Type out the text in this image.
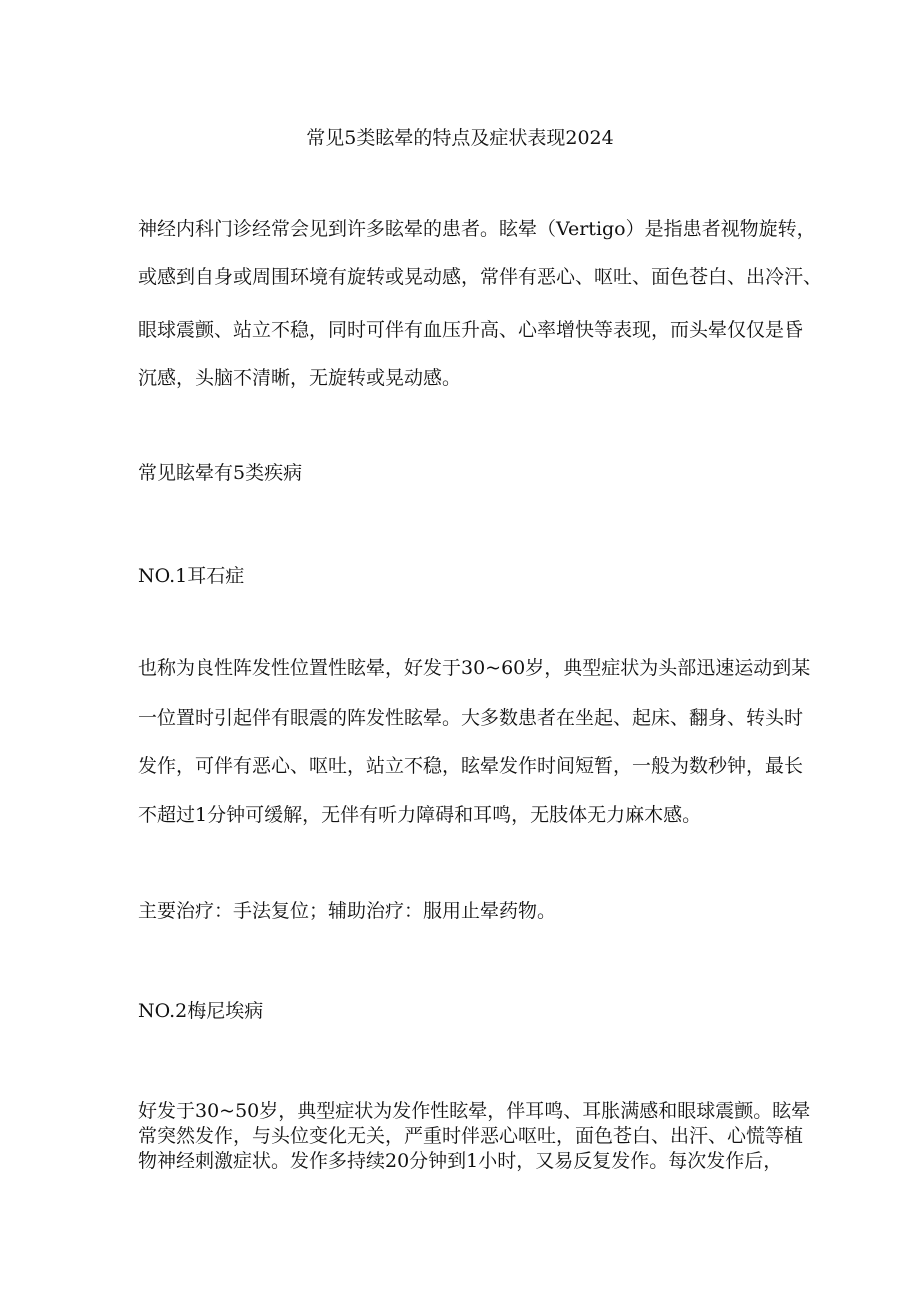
常见5类眩晕的特点及症状表现2024
神经内科门诊经常会见到许多眩晕的患者。眩晕（Vertigo）是指患者视物旋转，
或感到自身或周围环境有旋转或晃动感，常伴有恶心、呕吐、面色苍白、出冷汗、
眼球震颤、站立不稳，同时可伴有血压升高、心率增快等表现，而头晕仅仅是昏
沉感，头脑不清晰，无旋转或晃动感。
常见眩晕有5类疾病
NO.1耳石症
也称为良性阵发性位置性眩晕，好发于30~60岁，典型症状为头部迅速运动到某
一位置时引起伴有眼震的阵发性眩晕。大多数患者在坐起、起床、翻身、转头时
发作，可伴有恶心、呕吐，站立不稳，眩晕发作时间短暂，一般为数秒钟，最长
不超过1分钟可缓解，无伴有听力障碍和耳鸣，无肢体无力麻木感。
主要治疗：手法复位；辅助治疗：服用止晕药物。
NO.2梅尼埃病
好发于30~50岁，典型症状为发作性眩晕，伴耳鸣、耳胀满感和眼球震颤。眩晕
常突然发作，与头位变化无关，严重时伴恶心呕吐，面色苍白、出汗、心慌等植
物神经刺激症状。发作多持续20分钟到1小时，又易反复发作。每次发作后，
